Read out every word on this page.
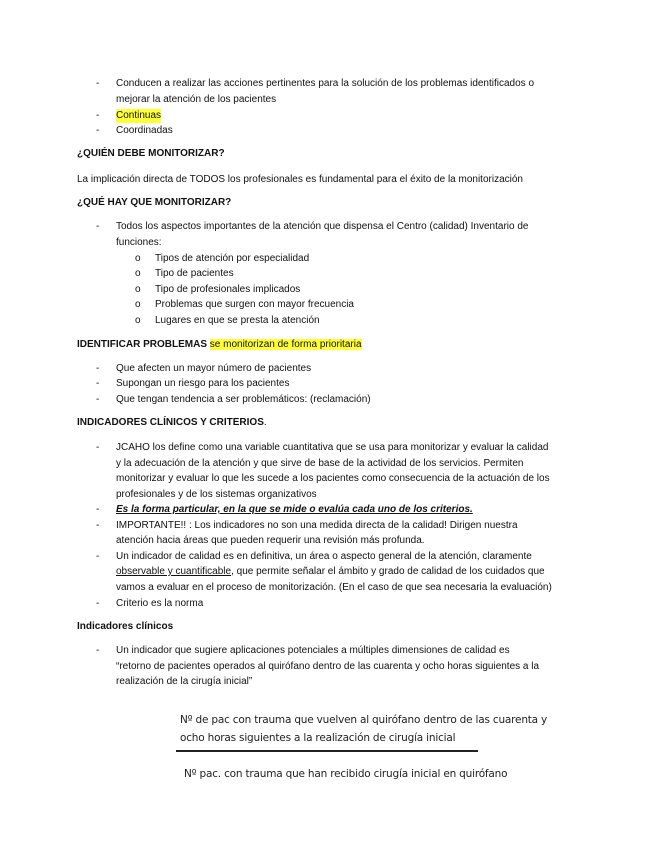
- Conducen a realizar las acciones pertinentes para la solución de los problemas identificados o
mejorar la atención de los pacientes
- Continuas
- Coordinadas
¿QUIÉN DEBE MONITORIZAR?
La implicación directa de TODOS los profesionales es fundamental para el éxito de la monitorización
¿QUÉ HAY QUE MONITORIZAR?
- Todos los aspectos importantes de la atención que dispensa el Centro (calidad) Inventario de
funciones:
o Tipos de atención por especialidad
o Tipo de pacientes
o Tipo de profesionales implicados
o Problemas que surgen con mayor frecuencia
o Lugares en que se presta la atención
IDENTIFICAR PROBLEMAS se monitorizan de forma prioritaria
- Que afecten un mayor número de pacientes
- Supongan un riesgo para los pacientes
- Que tengan tendencia a ser problemáticos: (reclamación)
INDICADORES CLÍNICOS Y CRITERIOS.
- JCAHO los define como una variable cuantitativa que se usa para monitorizar y evaluar la calidad
y la adecuación de la atención y que sirve de base de la actividad de los servicios. Permiten
monitorizar y evaluar lo que les sucede a los pacientes como consecuencia de la actuación de los
profesionales y de los sistemas organizativos
- Es la forma particular, en la que se mide o evalúa cada uno de los criterios.
- IMPORTANTE!! : Los indicadores no son una medida directa de la calidad! Dirigen nuestra
atención hacia áreas que pueden requerir una revisión más profunda.
- Un indicador de calidad es en definitiva, un área o aspecto general de la atención, claramente
observable y cuantificable, que permite señalar el ámbito y grado de calidad de los cuidados que
vamos a evaluar en el proceso de monitorización. (En el caso de que sea necesaria la evaluación)
- Criterio es la norma
Indicadores clínicos
- Un indicador que sugiere aplicaciones potenciales a múltiples dimensiones de calidad es
“retorno de pacientes operados al quirófano dentro de las cuarenta y ocho horas siguientes a la
realización de la cirugía inicial”
Nº de pac con trauma que vuelven al quirófano dentro de las cuarenta y
ocho horas siguientes a la realización de cirugía inicial
Nº pac. con trauma que han recibido cirugía inicial en quirófano
